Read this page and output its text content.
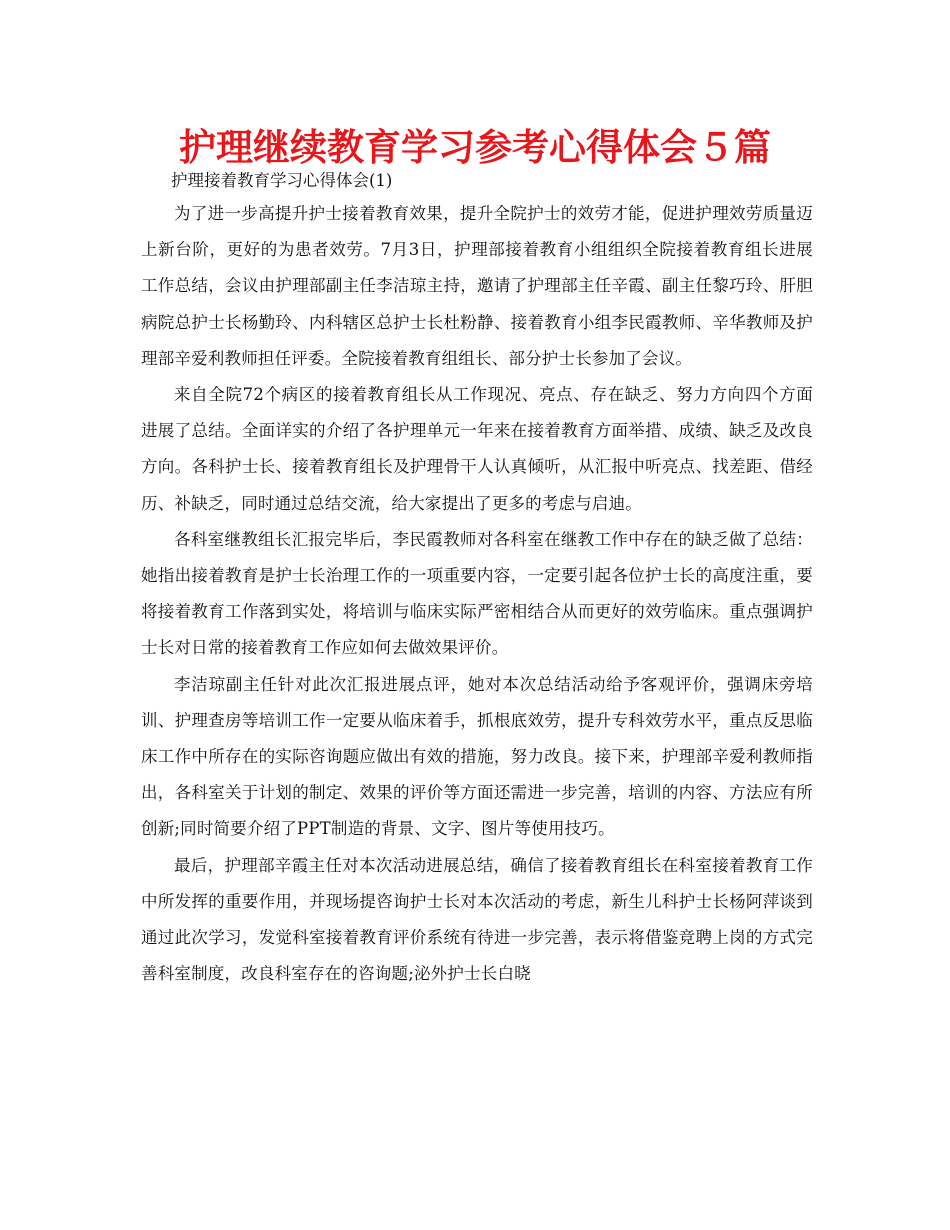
护理继续教育学习参考心得体会５篇

护理接着教育学习心得体会(1)

为了进一步高提升护士接着教育效果，提升全院护士的效劳才能，促进护理效劳质量迈上新台阶，更好的为患者效劳。7月3日，护理部接着教育小组组织全院接着教育组长进展工作总结，会议由护理部副主任李洁琼主持，邀请了护理部主任辛霞、副主任黎巧玲、肝胆病院总护士长杨勤玲、内科辖区总护士长杜粉静、接着教育小组李民霞教师、辛华教师及护理部辛爱利教师担任评委。全院接着教育组组长、部分护士长参加了会议。

来自全院72个病区的接着教育组长从工作现况、亮点、存在缺乏、努力方向四个方面进展了总结。全面详实的介绍了各护理单元一年来在接着教育方面举措、成绩、缺乏及改良方向。各科护士长、接着教育组长及护理骨干人认真倾听，从汇报中听亮点、找差距、借经历、补缺乏，同时通过总结交流，给大家提出了更多的考虑与启迪。

各科室继教组长汇报完毕后，李民霞教师对各科室在继教工作中存在的缺乏做了总结：她指出接着教育是护士长治理工作的一项重要内容，一定要引起各位护士长的高度注重，要将接着教育工作落到实处，将培训与临床实际严密相结合从而更好的效劳临床。重点强调护士长对日常的接着教育工作应如何去做效果评价。

李洁琼副主任针对此次汇报进展点评，她对本次总结活动给予客观评价，强调床旁培训、护理查房等培训工作一定要从临床着手，抓根底效劳，提升专科效劳水平，重点反思临床工作中所存在的实际咨询题应做出有效的措施，努力改良。接下来，护理部辛爱利教师指出，各科室关于计划的制定、效果的评价等方面还需进一步完善，培训的内容、方法应有所创新;同时简要介绍了PPT制造的背景、文字、图片等使用技巧。

最后，护理部辛霞主任对本次活动进展总结，确信了接着教育组长在科室接着教育工作中所发挥的重要作用，并现场提咨询护士长对本次活动的考虑，新生儿科护士长杨阿萍谈到通过此次学习，发觉科室接着教育评价系统有待进一步完善，表示将借鉴竞聘上岗的方式完善科室制度，改良科室存在的咨询题;泌外护士长白晓
